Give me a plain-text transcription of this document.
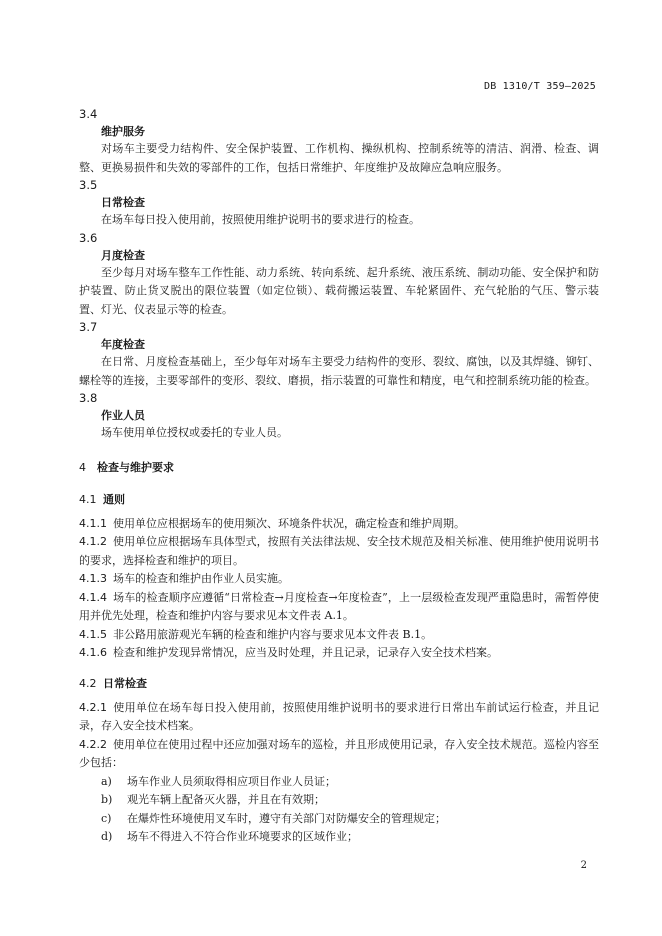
DB 1310/T 359—2025
3.4
维护服务

对场车主要受力结构件、安全保护装置、工作机构、操纵机构、控制系统等的清洁、润滑、检查、调整、更换易损件和失效的零部件的工作，包括日常维护、年度维护及故障应急响应服务。

3.5
日常检查

在场车每日投入使用前，按照使用维护说明书的要求进行的检查。

3.6
月度检查

至少每月对场车整车工作性能、动力系统、转向系统、起升系统、液压系统、制动功能、安全保护和防护装置、防止货叉脱出的限位装置（如定位锁）、载荷搬运装置、车轮紧固件、充气轮胎的气压、警示装置、灯光、仪表显示等的检查。

3.7
年度检查

在日常、月度检查基础上，至少每年对场车主要受力结构件的变形、裂纹、腐蚀，以及其焊缝、铆钉、螺栓等的连接，主要零部件的变形、裂纹、磨损，指示装置的可靠性和精度，电气和控制系统功能的检查。

3.8
作业人员

场车使用单位授权或委托的专业人员。

4 检查与维护要求
4.1 通则

4.1.1 使用单位应根据场车的使用频次、环境条件状况，确定检查和维护周期。

4.1.2 使用单位应根据场车具体型式，按照有关法律法规、安全技术规范及相关标准、使用维护使用说明书的要求，选择检查和维护的项目。

4.1.3 场车的检查和维护由作业人员实施。

4.1.4 场车的检查顺序应遵循“日常检查→月度检查→年度检查”，上一层级检查发现严重隐患时，需暂停使用并优先处理，检查和维护内容与要求见本文件表 A.1。

4.1.5 非公路用旅游观光车辆的检查和维护内容与要求见本文件表 B.1。

4.1.6 检查和维护发现异常情况，应当及时处理，并且记录，记录存入安全技术档案。

4.2 日常检查

4.2.1 使用单位在场车每日投入使用前，按照使用维护说明书的要求进行日常出车前试运行检查，并且记录，存入安全技术档案。

4.2.2 使用单位在使用过程中还应加强对场车的巡检，并且形成使用记录，存入安全技术规范。巡检内容至少包括：

a) 场车作业人员须取得相应项目作业人员证；

b) 观光车辆上配备灭火器，并且在有效期；

c) 在爆炸性环境使用叉车时，遵守有关部门对防爆安全的管理规定；

d) 场车不得进入不符合作业环境要求的区域作业；

2
